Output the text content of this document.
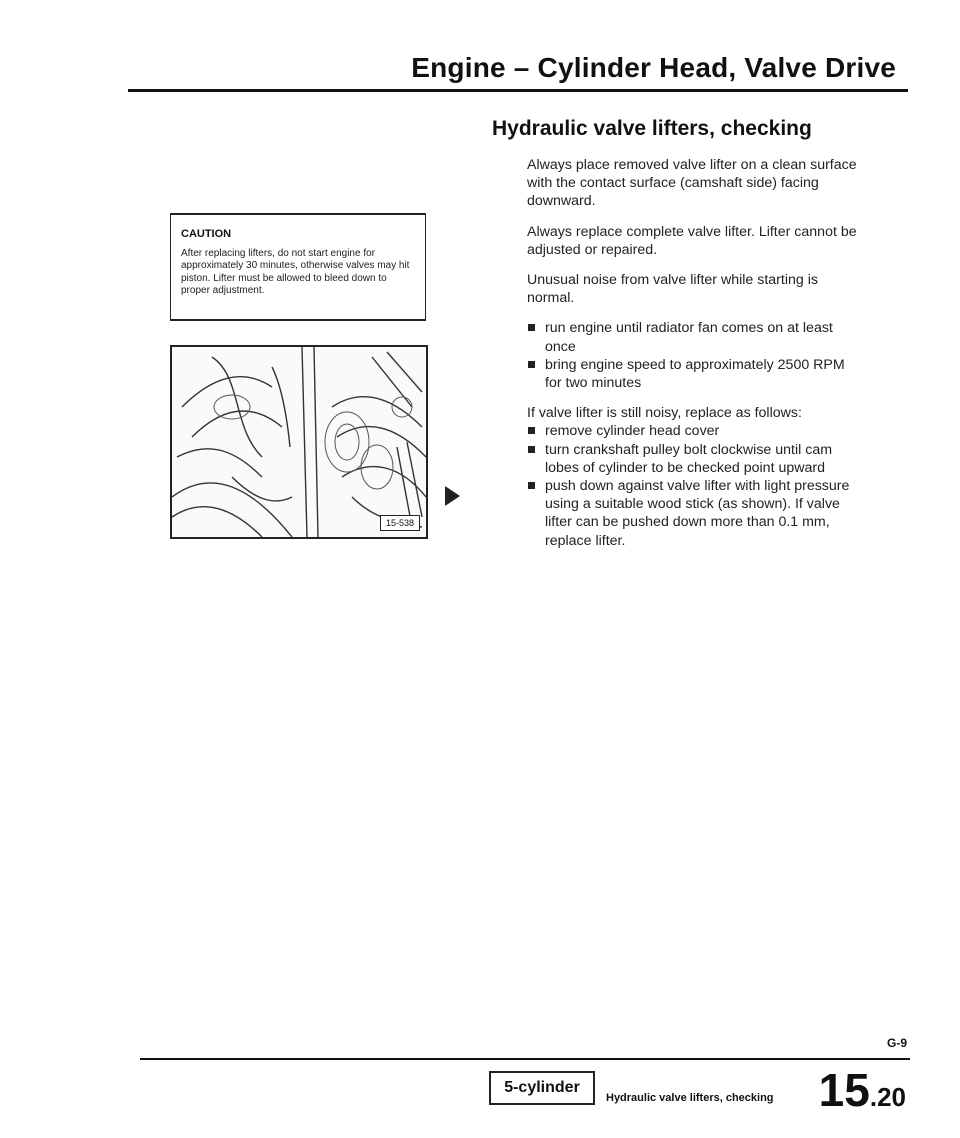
Engine – Cylinder Head, Valve Drive
Hydraulic valve lifters, checking

Always place removed valve lifter on a clean surface with the contact surface (camshaft side) facing downward.

Always replace complete valve lifter. Lifter cannot be adjusted or repaired.

Unusual noise from valve lifter while starting is normal.

run engine until radiator fan comes on at least once
bring engine speed to approximately 2500 RPM for two minutes

If valve lifter is still noisy, replace as follows:

remove cylinder head cover
turn crankshaft pulley bolt clockwise until cam lobes of cylinder to be checked point upward
push down against valve lifter with light pressure using a suitable wood stick (as shown). If valve lifter can be pushed down more than 0.1 mm, replace lifter.

CAUTION

After replacing lifters, do not start engine for approximately 30 minutes, otherwise valves may hit piston. Lifter must be allowed to bleed down to proper adjustment.

15-538
G-9
5-cylinder
Hydraulic valve lifters, checking 15.20
